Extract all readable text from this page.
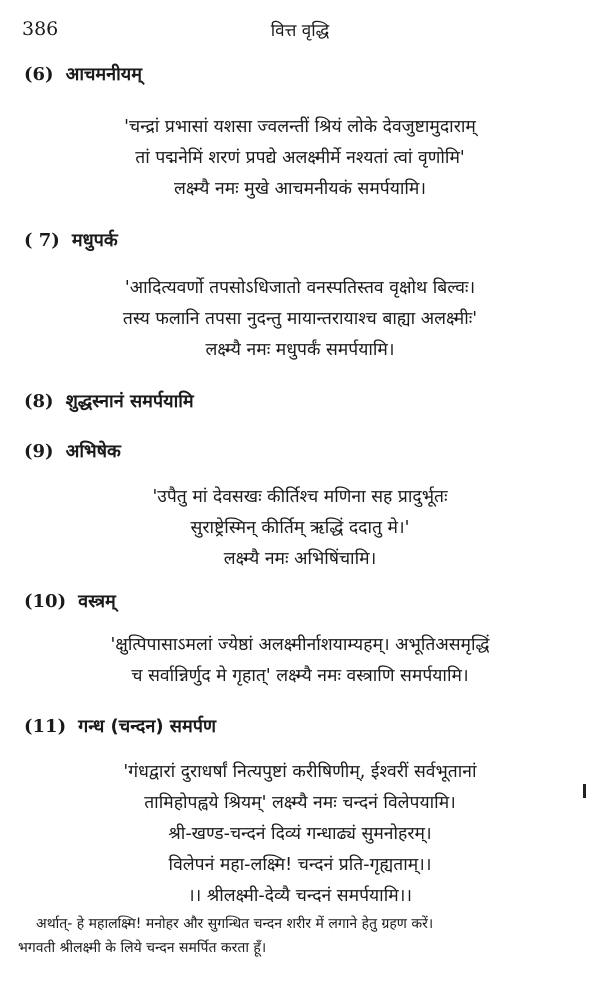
386	वित्त वृद्धि
(6) आचमनीयम्
'चन्द्रां प्रभासां यशसा ज्वलन्तीं श्रियं लोके देवजुष्टामुदाराम्
तां पद्मनेमिं शरणं प्रपद्ये अलक्ष्मीर्मे नश्यतां त्वां वृणोमि'
लक्ष्म्यै नमः मुखे आचमनीयकं समर्पयामि।
( 7) मधुपर्क
'आदित्यवर्णो तपसोऽधिजातो वनस्पतिस्तव वृक्षोथ बिल्वः।
तस्य फलानि तपसा नुदन्तु मायान्तरायाश्च बाह्या अलक्ष्मीः'
लक्ष्म्यै नमः मधुपर्कं समर्पयामि।
(8) शुद्धस्नानं समर्पयामि
(9) अभिषेक
'उपैतु मां देवसखः कीर्तिश्च मणिना सह प्रादुर्भूतः
सुराष्ट्रेस्मिन् कीर्तिम् ऋद्धिं ददातु मे।'
लक्ष्म्यै नमः अभिषिंचामि।
(10) वस्त्रम्
'क्षुत्पिपासाऽमलां ज्येष्ठां अलक्ष्मीर्नाशयाम्यहम्। अभूतिअसमृद्धिं
च सर्वान्निर्णुद मे गृहात्' लक्ष्म्यै नमः वस्त्राणि समर्पयामि।
(11) गन्ध (चन्दन) समर्पण
'गंधद्वारां दुराधर्षां नित्यपुष्टां करीषिणीम्, ईश्वरीं सर्वभूतानां
तामिहोपह्वये श्रियम्' लक्ष्म्यै नमः चन्दनं विलेपयामि।
श्री-खण्ड-चन्दनं दिव्यं गन्धाढ्यं सुमनोहरम्।
विलेपनं महा-लक्ष्मि! चन्दनं प्रति-गृह्यताम्।।
।। श्रीलक्ष्मी-देव्यै चन्दनं समर्पयामि।।
अर्थात्- हे महालक्ष्मि! मनोहर और सुगन्धित चन्दन शरीर में लगाने हेतु ग्रहण करें।
भगवती श्रीलक्ष्मी के लिये चन्दन समर्पित करता हूँ।
